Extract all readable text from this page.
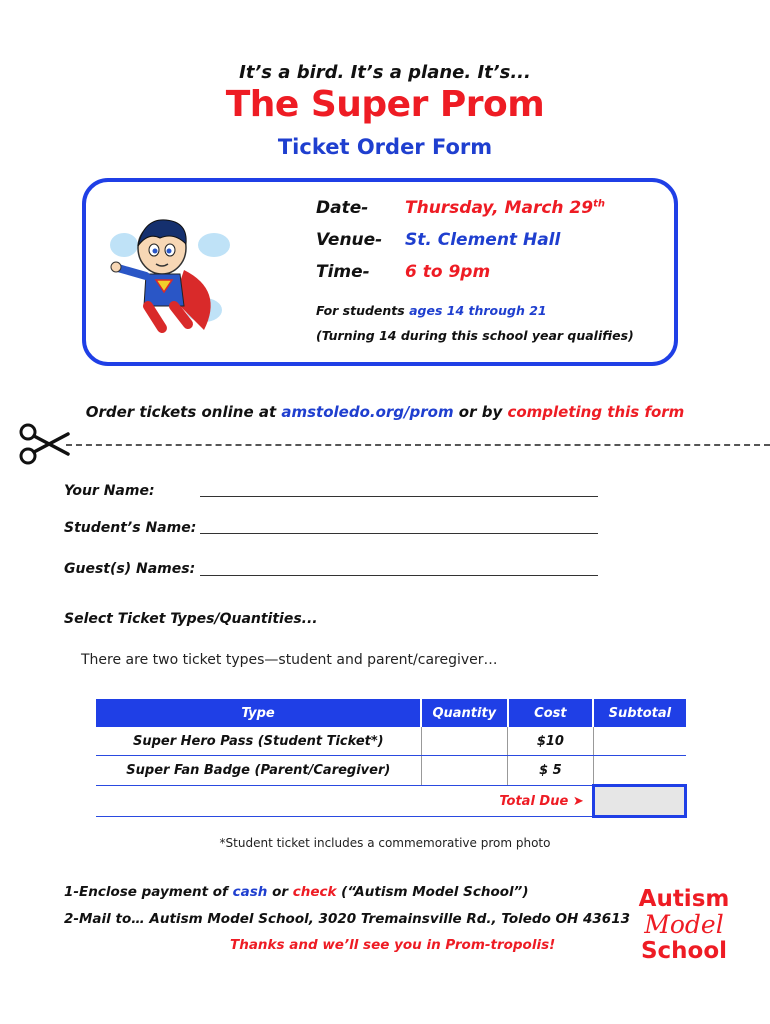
It’s a bird. It’s a plane. It’s...
The Super Prom
Ticket Order Form
Date- Thursday, March 29th
Venue- St. Clement Hall
Time- 6 to 9pm
For students ages 14 through 21
(Turning 14 during this school year qualifies)
Order tickets online at amstoledo.org/prom or by completing this form
Your Name:
Student’s Name:
Guest(s) Names:
Select Ticket Types/Quantities...
There are two ticket types—student and parent/caregiver…
Type	Quantity	Cost	Subtotal
Super Hero Pass (Student Ticket*)		$10	
Super Fan Badge (Parent/Caregiver)		$ 5	
Total Due ➤			
*Student ticket includes a commemorative prom photo
1-Enclose payment of cash or check (“Autism Model School”)
2-Mail to… Autism Model School, 3020 Tremainsville Rd., Toledo OH 43613
Thanks and we’ll see you in Prom-tropolis!
Autism
Model
School
